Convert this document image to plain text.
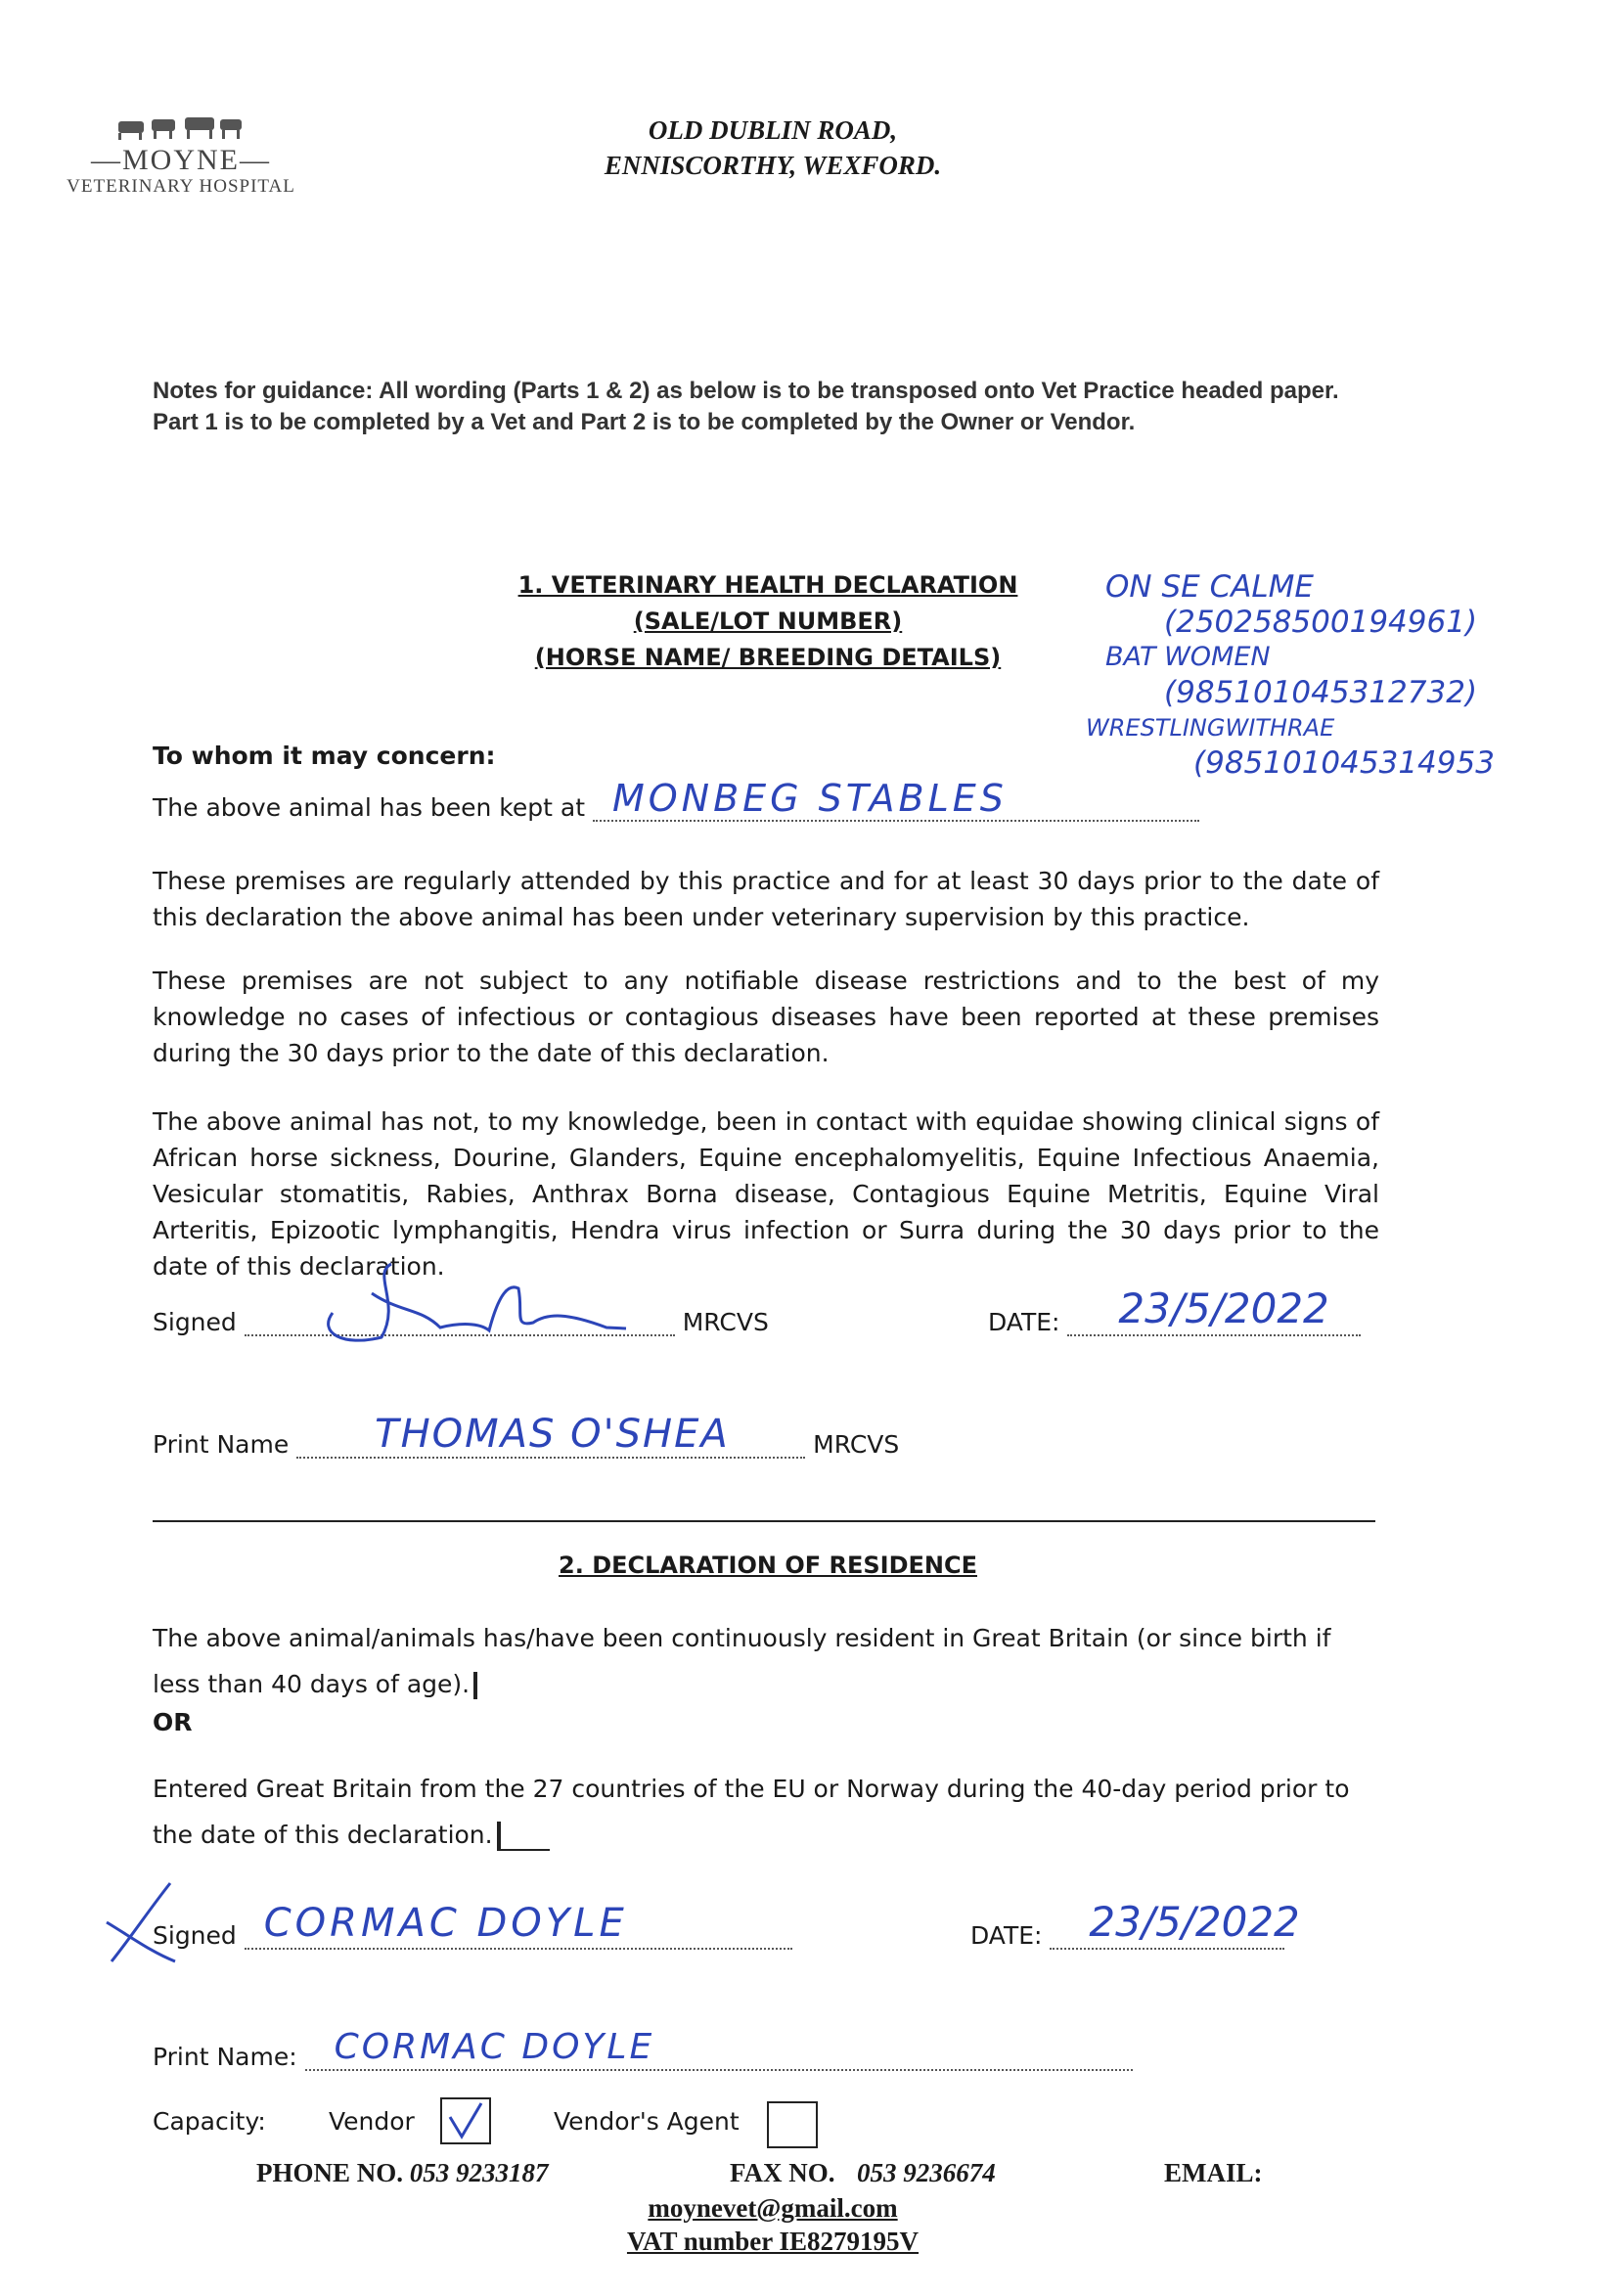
—MOYNE—
VETERINARY HOSPITAL
OLD DUBLIN ROAD,
ENNISCORTHY, WEXFORD.
Notes for guidance: All wording (Parts 1 & 2) as below is to be transposed onto Vet Practice headed paper. Part 1 is to be completed by a Vet and Part 2 is to be completed by the Owner or Vendor.
1. VETERINARY HEALTH DECLARATION
(SALE/LOT NUMBER)
(HORSE NAME/ BREEDING DETAILS)
ON SE CALME
(250258500194961)
BAT WOMEN
(985101045312732)
WRESTLINGWITHRAE
(985101045314953
To whom it may concern:
The above animal has been kept at MONBEG STABLES
These premises are regularly attended by this practice and for at least 30 days prior to the date of this declaration the above animal has been under veterinary supervision by this practice.
These premises are not subject to any notifiable disease restrictions and to the best of my knowledge no cases of infectious or contagious diseases have been reported at these premises during the 30 days prior to the date of this declaration.
The above animal has not, to my knowledge, been in contact with equidae showing clinical signs of African horse sickness, Dourine, Glanders, Equine encephalomyelitis, Equine Infectious Anaemia, Vesicular stomatitis, Rabies, Anthrax Borna disease, Contagious Equine Metritis, Equine Viral Arteritis, Epizootic lymphangitis, Hendra virus infection or Surra during the 30 days prior to the date of this declaration.
Signed	MRCVS	DATE: 23/5/2022
Print Name THOMAS O'SHEA	MRCVS
2. DECLARATION OF RESIDENCE
The above animal/animals has/have been continuously resident in Great Britain (or since birth if less than 40 days of age).
OR
Entered Great Britain from the 27 countries of the EU or Norway during the 40-day period prior to the date of this declaration.
Signed CORMAC DOYLE	DATE: 23/5/2022
Print Name: CORMAC DOYLE
Capacity:	Vendor	Vendor's Agent
PHONE NO. 053 9233187	FAX NO. 053 9236674	EMAIL:
moynevet@gmail.com
VAT number IE8279195V
